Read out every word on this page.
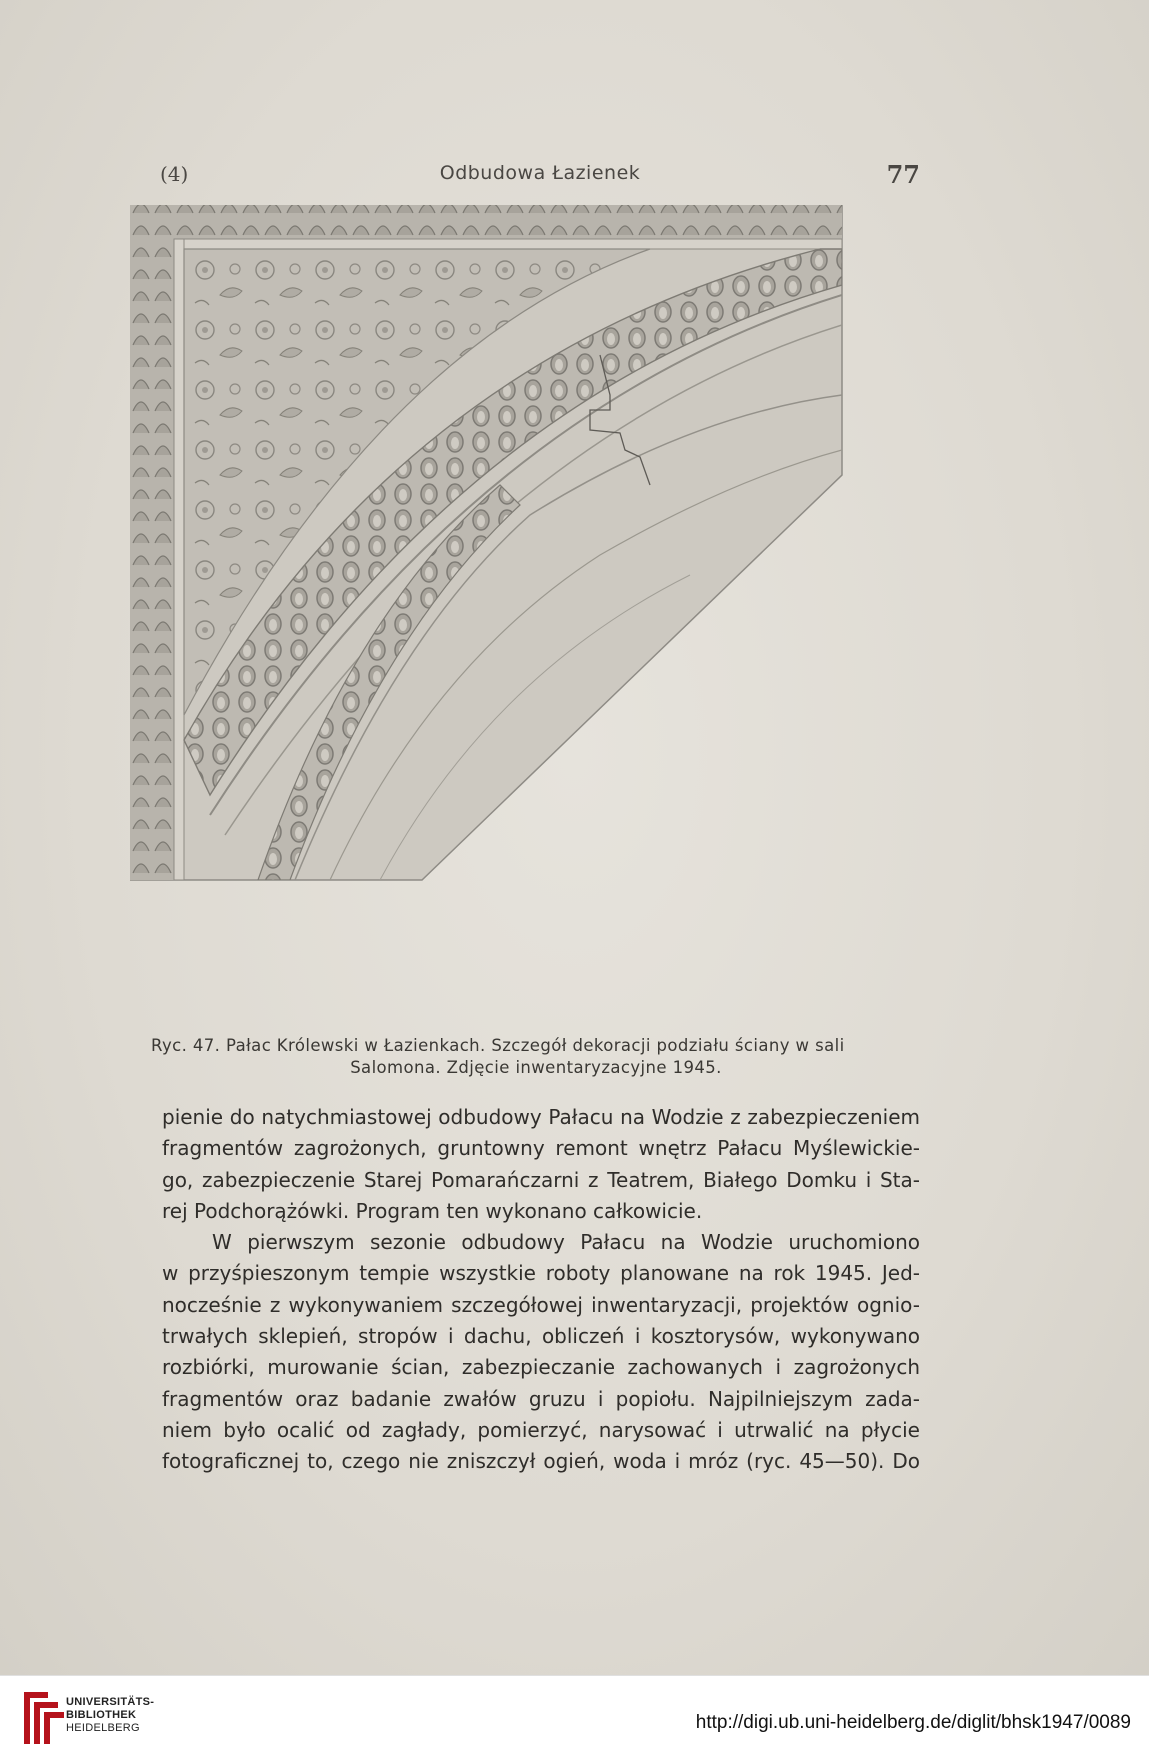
(4)	Odbudowa Łazienek	77
Ryc. 47. Pałac Królewski w Łazienkach. Szczegół dekoracji podziału ściany w sali
Salomona. Zdjęcie inwentaryzacyjne 1945.
pienie do natychmiastowej odbudowy Pałacu na Wodzie z zabezpieczeniem
fragmentów zagrożonych, gruntowny remont wnętrz Pałacu Myślewickie-
go, zabezpieczenie Starej Pomarańczarni z Teatrem, Białego Domku i Sta-
rej Podchorążówki. Program ten wykonano całkowicie.
W pierwszym sezonie odbudowy Pałacu na Wodzie uruchomiono
w przyśpieszonym tempie wszystkie roboty planowane na rok 1945. Jed-
nocześnie z wykonywaniem szczegółowej inwentaryzacji, projektów ognio-
trwałych sklepień, stropów i dachu, obliczeń i kosztorysów, wykonywano
rozbiórki, murowanie ścian, zabezpieczanie zachowanych i zagrożonych
fragmentów oraz badanie zwałów gruzu i popiołu. Najpilniejszym zada-
niem było ocalić od zagłady, pomierzyć, narysować i utrwalić na płycie
fotograficznej to, czego nie zniszczył ogień, woda i mróz (ryc. 45—50). Do
UNIVERSITÄTS-
BIBLIOTHEK
HEIDELBERG	http://digi.ub.uni-heidelberg.de/diglit/bhsk1947/0089
